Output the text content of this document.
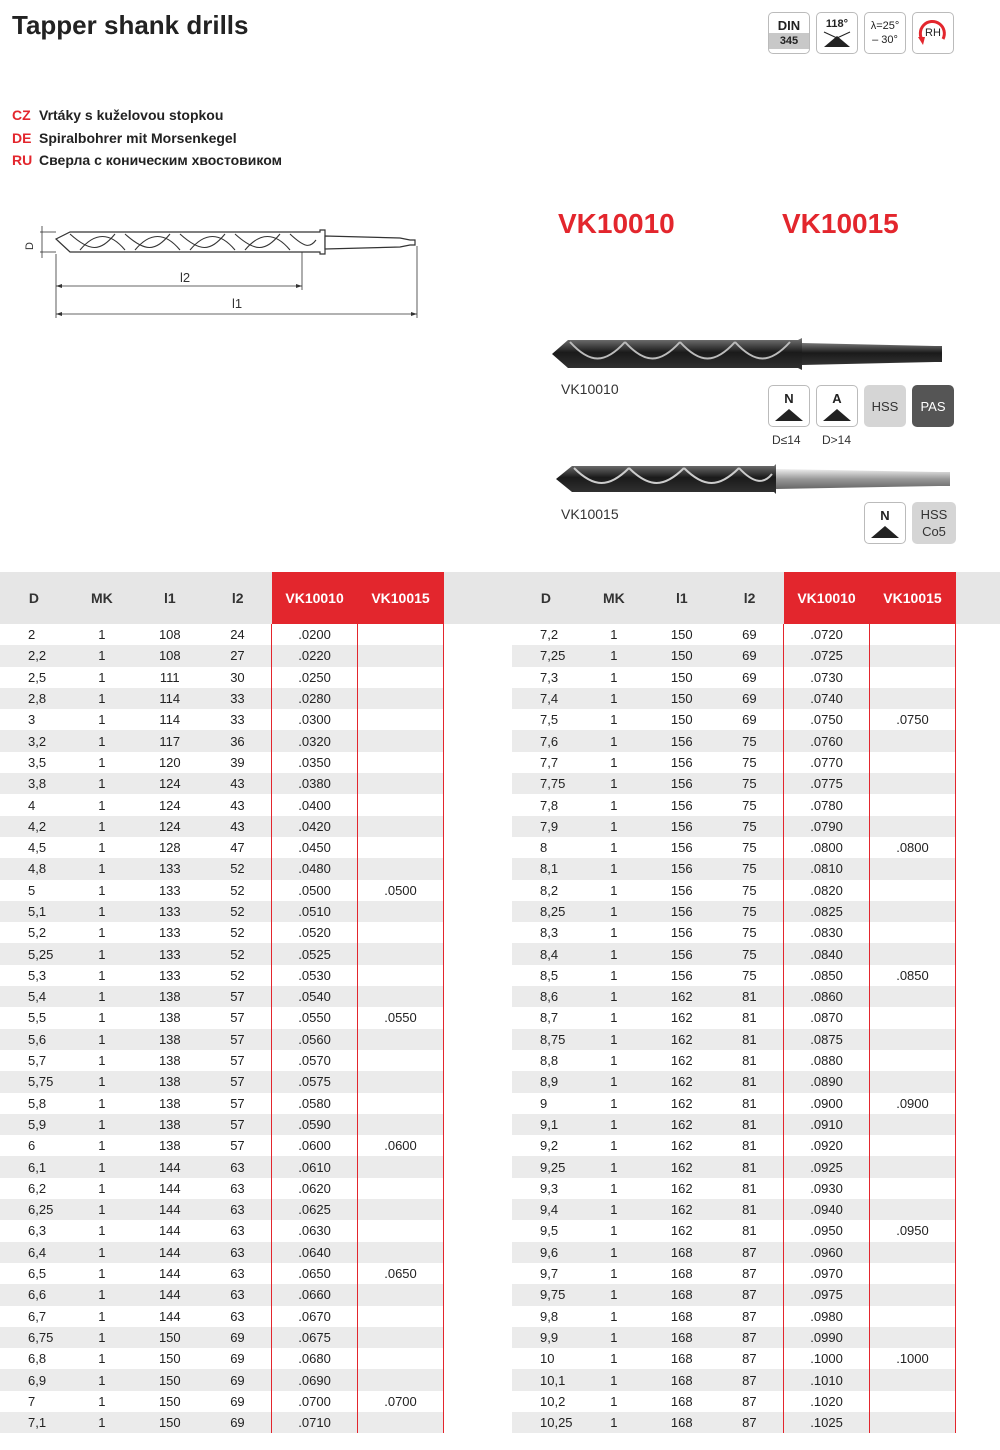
Tapper shank drills	DIN
345
118° λ=25°
– 30°
RH
CZ Vrtáky s kuželovou stopkou
DE Spiralbohrer mit Morsenkegel
RU Сверла с коническим хвостовиком
D
l2
l1
VK10010	VK10015
VK10010
N	A	HSS	PAS
D≤14 D>14
VK10015	N	HSS Co5
D	MK	l1	l2	VK10010	VK10015
2	1	108	24	.0200	
2,2	1	108	27	.0220	
2,5	1	111	30	.0250	
2,8	1	114	33	.0280	
3	1	114	33	.0300	
3,2	1	117	36	.0320	
3,5	1	120	39	.0350	
3,8	1	124	43	.0380	
4	1	124	43	.0400	
4,2	1	124	43	.0420	
4,5	1	128	47	.0450	
4,8	1	133	52	.0480	
5	1	133	52	.0500	.0500
5,1	1	133	52	.0510	
5,2	1	133	52	.0520	
5,25	1	133	52	.0525	
5,3	1	133	52	.0530	
5,4	1	138	57	.0540	
5,5	1	138	57	.0550	.0550
5,6	1	138	57	.0560	
5,7	1	138	57	.0570	
5,75	1	138	57	.0575	
5,8	1	138	57	.0580	
5,9	1	138	57	.0590	
6	1	138	57	.0600	.0600
6,1	1	144	63	.0610	
6,2	1	144	63	.0620	
6,25	1	144	63	.0625	
6,3	1	144	63	.0630	
6,4	1	144	63	.0640	
6,5	1	144	63	.0650	.0650
6,6	1	144	63	.0660	
6,7	1	144	63	.0670	
6,75	1	150	69	.0675	
6,8	1	150	69	.0680	
6,9	1	150	69	.0690	
7	1	150	69	.0700	.0700
7,1	1	150	69	.0710	
D	MK	l1	l2	VK10010	VK10015
7,2	1	150	69	.0720	
7,25	1	150	69	.0725	
7,3	1	150	69	.0730	
7,4	1	150	69	.0740	
7,5	1	150	69	.0750	.0750
7,6	1	156	75	.0760	
7,7	1	156	75	.0770	
7,75	1	156	75	.0775	
7,8	1	156	75	.0780	
7,9	1	156	75	.0790	
8	1	156	75	.0800	.0800
8,1	1	156	75	.0810	
8,2	1	156	75	.0820	
8,25	1	156	75	.0825	
8,3	1	156	75	.0830	
8,4	1	156	75	.0840	
8,5	1	156	75	.0850	.0850
8,6	1	162	81	.0860	
8,7	1	162	81	.0870	
8,75	1	162	81	.0875	
8,8	1	162	81	.0880	
8,9	1	162	81	.0890	
9	1	162	81	.0900	.0900
9,1	1	162	81	.0910	
9,2	1	162	81	.0920	
9,25	1	162	81	.0925	
9,3	1	162	81	.0930	
9,4	1	162	81	.0940	
9,5	1	162	81	.0950	.0950
9,6	1	168	87	.0960	
9,7	1	168	87	.0970	
9,75	1	168	87	.0975	
9,8	1	168	87	.0980	
9,9	1	168	87	.0990	
10	1	168	87	.1000	.1000
10,1	1	168	87	.1010	
10,2	1	168	87	.1020	
10,25	1	168	87	.1025	
